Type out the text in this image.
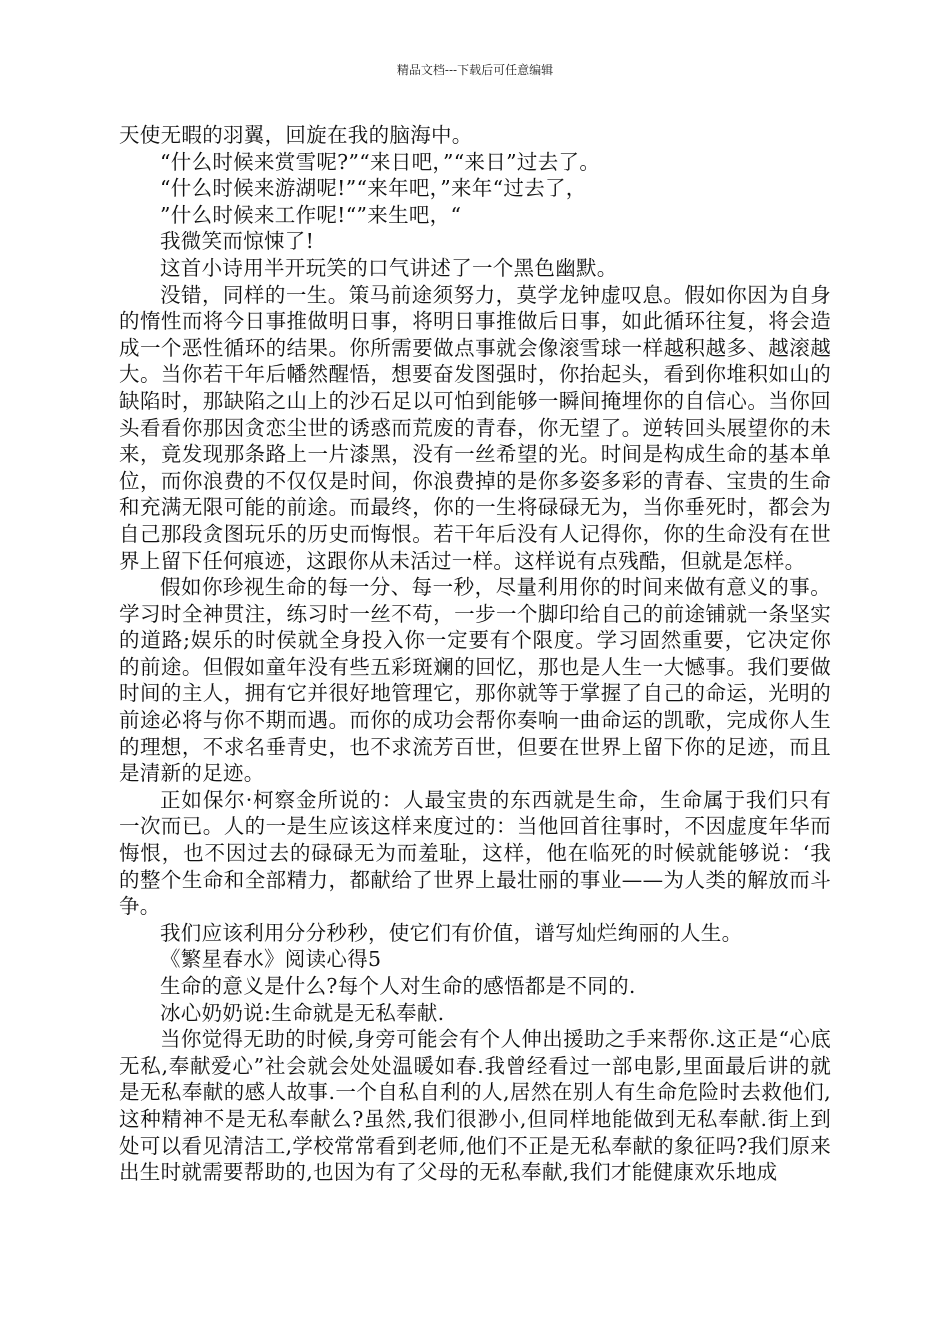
精品文档---下载后可任意编辑

天使无暇的羽翼，回旋在我的脑海中。

“什么时候来赏雪呢?”“来日吧，”“来日”过去了。

“什么时候来游湖呢!”“来年吧，”来年“过去了，

”什么时候来工作呢!“”来生吧，“

我微笑而惊悚了!

这首小诗用半开玩笑的口气讲述了一个黑色幽默。

没错，同样的一生。策马前途须努力，莫学龙钟虚叹息。假如你因为自身的惰性而将今日事推做明日事，将明日事推做后日事，如此循环往复，将会造成一个恶性循环的结果。你所需要做点事就会像滚雪球一样越积越多、越滚越大。当你若干年后幡然醒悟，想要奋发图强时，你抬起头，看到你堆积如山的缺陷时，那缺陷之山上的沙石足以可怕到能够一瞬间掩埋你的自信心。当你回头看看你那因贪恋尘世的诱惑而荒废的青春，你无望了。逆转回头展望你的未来，竟发现那条路上一片漆黑，没有一丝希望的光。时间是构成生命的基本单位，而你浪费的不仅仅是时间，你浪费掉的是你多姿多彩的青春、宝贵的生命和充满无限可能的前途。而最终，你的一生将碌碌无为，当你垂死时，都会为自己那段贪图玩乐的历史而悔恨。若干年后没有人记得你，你的生命没有在世界上留下任何痕迹，这跟你从未活过一样。这样说有点残酷，但就是怎样。

假如你珍视生命的每一分、每一秒，尽量利用你的时间来做有意义的事。学习时全神贯注，练习时一丝不苟，一步一个脚印给自己的前途铺就一条坚实的道路;娱乐的时侯就全身投入你一定要有个限度。学习固然重要，它决定你的前途。但假如童年没有些五彩斑斓的回忆，那也是人生一大憾事。我们要做时间的主人，拥有它并很好地管理它，那你就等于掌握了自己的命运，光明的前途必将与你不期而遇。而你的成功会帮你奏响一曲命运的凯歌，完成你人生的理想，不求名垂青史，也不求流芳百世，但要在世界上留下你的足迹，而且是清新的足迹。

正如保尔·柯察金所说的：人最宝贵的东西就是生命，生命属于我们只有一次而已。人的一是生应该这样来度过的：当他回首往事时，不因虚度年华而悔恨，也不因过去的碌碌无为而羞耻，这样，他在临死的时候就能够说：‘我的整个生命和全部精力，都献给了世界上最壮丽的事业——为人类的解放而斗争。

我们应该利用分分秒秒，使它们有价值，谱写灿烂绚丽的人生。

《繁星春水》阅读心得5

生命的意义是什么?每个人对生命的感悟都是不同的.

冰心奶奶说:生命就是无私奉献.

当你觉得无助的时候,身旁可能会有个人伸出援助之手来帮你.这正是“心底无私,奉献爱心”社会就会处处温暖如春.我曾经看过一部电影,里面最后讲的就是无私奉献的感人故事.一个自私自利的人,居然在别人有生命危险时去救他们,这种精神不是无私奉献么?虽然,我们很渺小,但同样地能做到无私奉献.街上到处可以看见清洁工,学校常常看到老师,他们不正是无私奉献的象征吗?我们原来出生时就需要帮助的,也因为有了父母的无私奉献,我们才能健康欢乐地成
